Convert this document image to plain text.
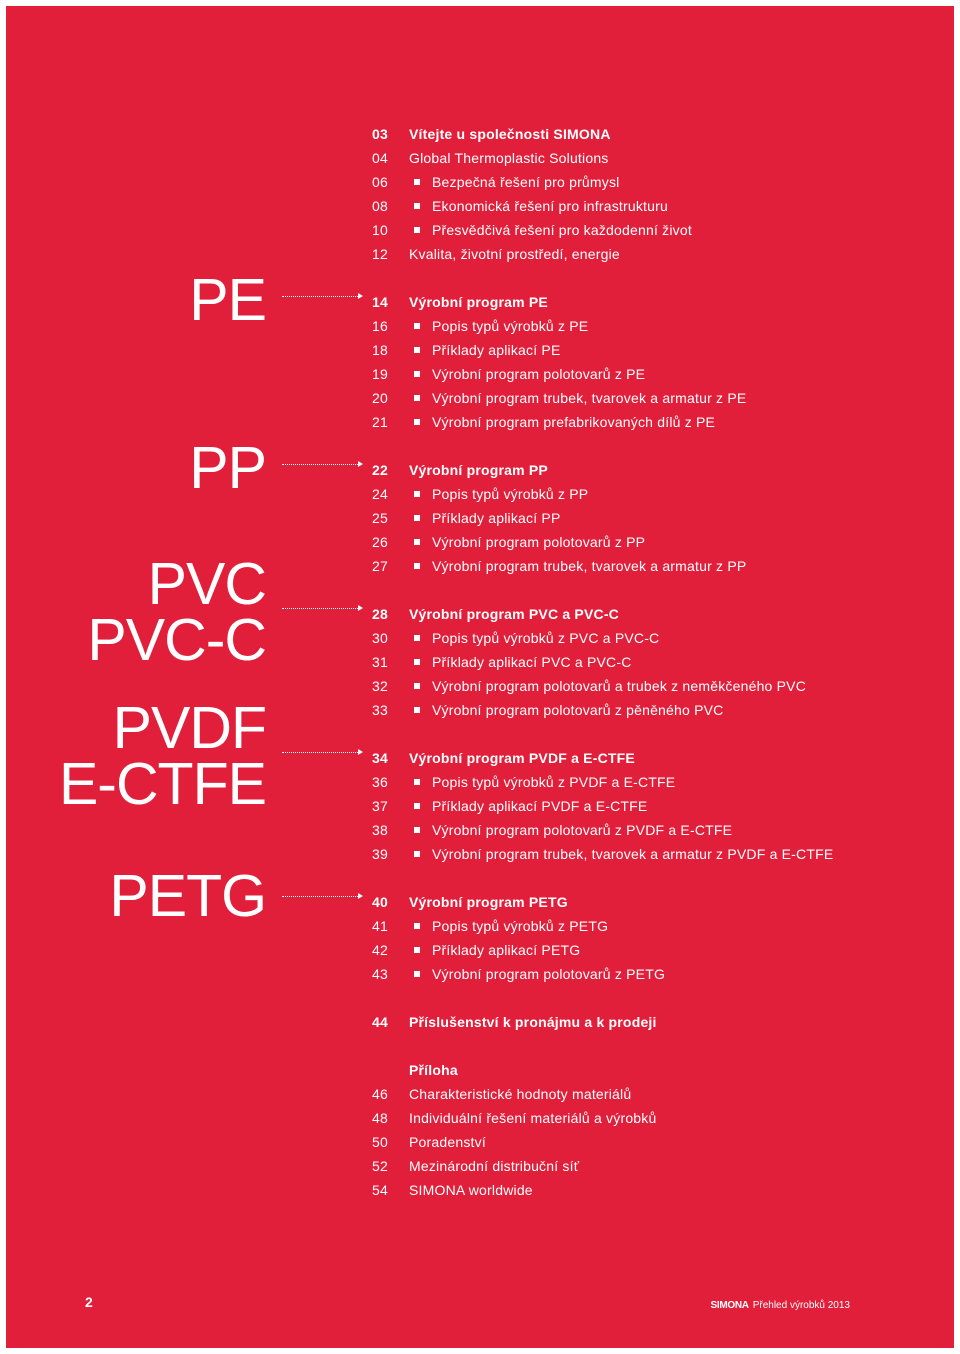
PE
PP
PVC
PVC-C
PVDF
E-CTFE
PETG
03 Vítejte u společnosti SIMONA
04 Global Thermoplastic Solutions
06	Bezpečná řešení pro průmysl
08	Ekonomická řešení pro infrastrukturu
10	Přesvědčivá řešení pro každodenní život
12 Kvalita, životní prostředí, energie
14 Výrobní program PE
16	Popis typů výrobků z PE
18	Příklady aplikací PE
19	Výrobní program polotovarů z PE
20	Výrobní program trubek, tvarovek a armatur z PE
21	Výrobní program prefabrikovaných dílů z PE
22 Výrobní program PP
24	Popis typů výrobků z PP
25	Příklady aplikací PP
26	Výrobní program polotovarů z PP
27	Výrobní program trubek, tvarovek a armatur z PP
28 Výrobní program PVC a PVC-C
30	Popis typů výrobků z PVC a PVC-C
31	Příklady aplikací PVC a PVC-C
32	Výrobní program polotovarů a trubek z neměkčeného PVC
33	Výrobní program polotovarů z pěněného PVC
34 Výrobní program PVDF a E-CTFE
36	Popis typů výrobků z PVDF a E-CTFE
37	Příklady aplikací PVDF a E-CTFE
38	Výrobní program polotovarů z PVDF a E-CTFE
39	Výrobní program trubek, tvarovek a armatur z PVDF a E-CTFE
40 Výrobní program PETG
41	Popis typů výrobků z PETG
42	Příklady aplikací PETG
43	Výrobní program polotovarů z PETG
44 Příslušenství k pronájmu a k prodeji
Příloha
46 Charakteristické hodnoty materiálů
48 Individuální řešení materiálů a výrobků
50 Poradenství
52 Mezinárodní distribuční síť
54 SIMONA worldwide
2	SIMONA Přehled výrobků 2013
